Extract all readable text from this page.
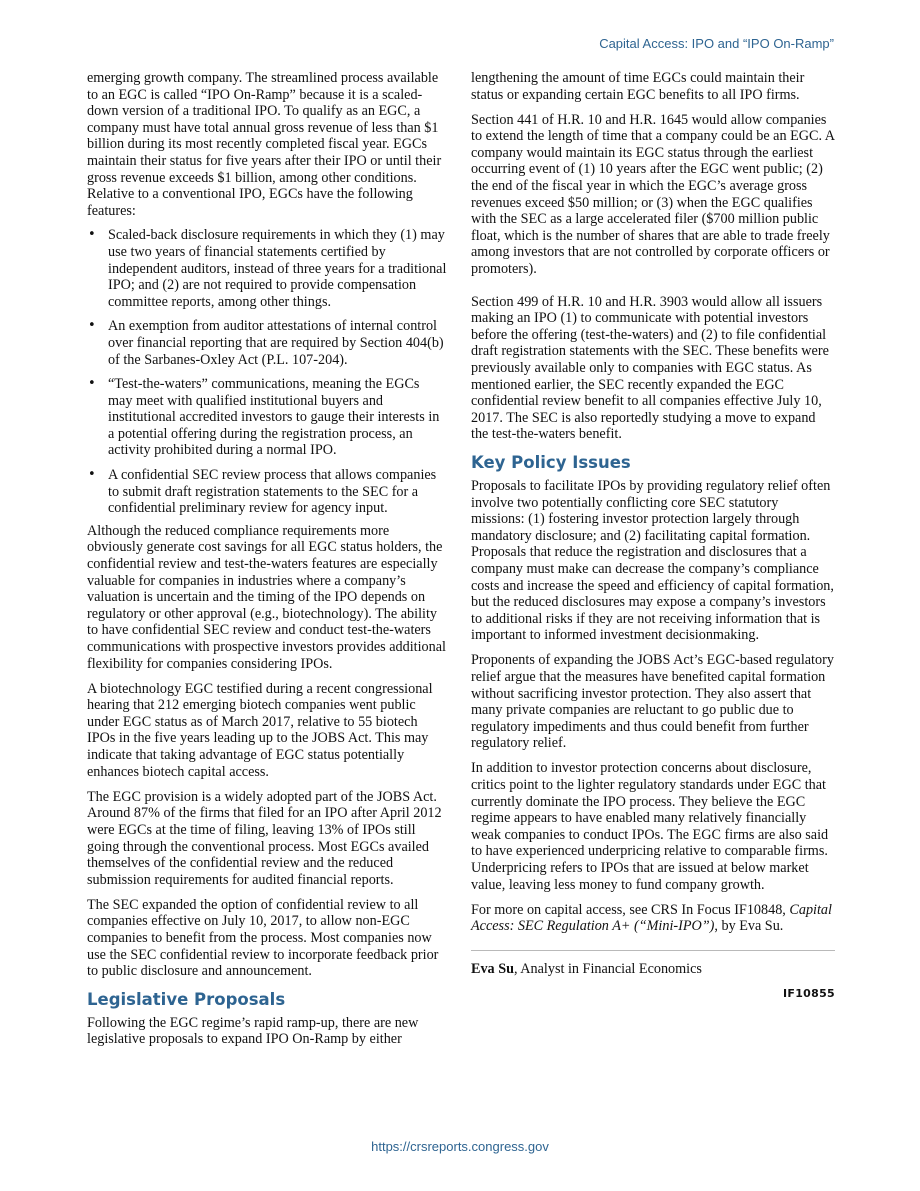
Capital Access: IPO and “IPO On-Ramp”

emerging growth company. The streamlined process available to an EGC is called “IPO On-Ramp” because it is a scaled-down version of a traditional IPO. To qualify as an EGC, a company must have total annual gross revenue of less than $1 billion during its most recently completed fiscal year. EGCs maintain their status for five years after their IPO or until their gross revenue exceeds $1 billion, among other conditions. Relative to a conventional IPO, EGCs have the following features:

• Scaled-back disclosure requirements in which they (1) may use two years of financial statements certified by independent auditors, instead of three years for a traditional IPO; and (2) are not required to provide compensation committee reports, among other things.
• An exemption from auditor attestations of internal control over financial reporting that are required by Section 404(b) of the Sarbanes-Oxley Act (P.L. 107-204).
• “Test-the-waters” communications, meaning the EGCs may meet with qualified institutional buyers and institutional accredited investors to gauge their interests in a potential offering during the registration process, an activity prohibited during a normal IPO.
• A confidential SEC review process that allows companies to submit draft registration statements to the SEC for a confidential preliminary review for agency input.

Although the reduced compliance requirements more obviously generate cost savings for all EGC status holders, the confidential review and test-the-waters features are especially valuable for companies in industries where a company’s valuation is uncertain and the timing of the IPO depends on regulatory or other approval (e.g., biotechnology). The ability to have confidential SEC review and conduct test-the-waters communications with prospective investors provides additional flexibility for companies considering IPOs.

A biotechnology EGC testified during a recent congressional hearing that 212 emerging biotech companies went public under EGC status as of March 2017, relative to 55 biotech IPOs in the five years leading up to the JOBS Act. This may indicate that taking advantage of EGC status potentially enhances biotech capital access.

The EGC provision is a widely adopted part of the JOBS Act. Around 87% of the firms that filed for an IPO after April 2012 were EGCs at the time of filing, leaving 13% of IPOs still going through the conventional process. Most EGCs availed themselves of the confidential review and the reduced submission requirements for audited financial reports.

The SEC expanded the option of confidential review to all companies effective on July 10, 2017, to allow non-EGC companies to benefit from the process. Most companies now use the SEC confidential review to incorporate feedback prior to public disclosure and announcement.

Legislative Proposals

Following the EGC regime’s rapid ramp-up, there are new legislative proposals to expand IPO On-Ramp by either

lengthening the amount of time EGCs could maintain their status or expanding certain EGC benefits to all IPO firms.

Section 441 of H.R. 10 and H.R. 1645 would allow companies to extend the length of time that a company could be an EGC. A company would maintain its EGC status through the earliest occurring event of (1) 10 years after the EGC went public; (2) the end of the fiscal year in which the EGC’s average gross revenues exceed $50 million; or (3) when the EGC qualifies with the SEC as a large accelerated filer ($700 million public float, which is the number of shares that are able to trade freely among investors that are not controlled by corporate officers or promoters).

Section 499 of H.R. 10 and H.R. 3903 would allow all issuers making an IPO (1) to communicate with potential investors before the offering (test-the-waters) and (2) to file confidential draft registration statements with the SEC. These benefits were previously available only to companies with EGC status. As mentioned earlier, the SEC recently expanded the EGC confidential review benefit to all companies effective July 10, 2017. The SEC is also reportedly studying a move to expand the test-the-waters benefit.

Key Policy Issues

Proposals to facilitate IPOs by providing regulatory relief often involve two potentially conflicting core SEC statutory missions: (1) fostering investor protection largely through mandatory disclosure; and (2) facilitating capital formation. Proposals that reduce the registration and disclosures that a company must make can decrease the company’s compliance costs and increase the speed and efficiency of capital formation, but the reduced disclosures may expose a company’s investors to additional risks if they are not receiving information that is important to informed investment decisionmaking.

Proponents of expanding the JOBS Act’s EGC-based regulatory relief argue that the measures have benefited capital formation without sacrificing investor protection. They also assert that many private companies are reluctant to go public due to regulatory impediments and thus could benefit from further regulatory relief.

In addition to investor protection concerns about disclosure, critics point to the lighter regulatory standards under EGC that currently dominate the IPO process. They believe the EGC regime appears to have enabled many relatively financially weak companies to conduct IPOs. The EGC firms are also said to have experienced underpricing relative to comparable firms. Underpricing refers to IPOs that are issued at below market value, leaving less money to fund company growth.

For more on capital access, see CRS In Focus IF10848, Capital Access: SEC Regulation A+ (“Mini-IPO”), by Eva Su.

Eva Su, Analyst in Financial Economics

IF10855
https://crsreports.congress.gov
